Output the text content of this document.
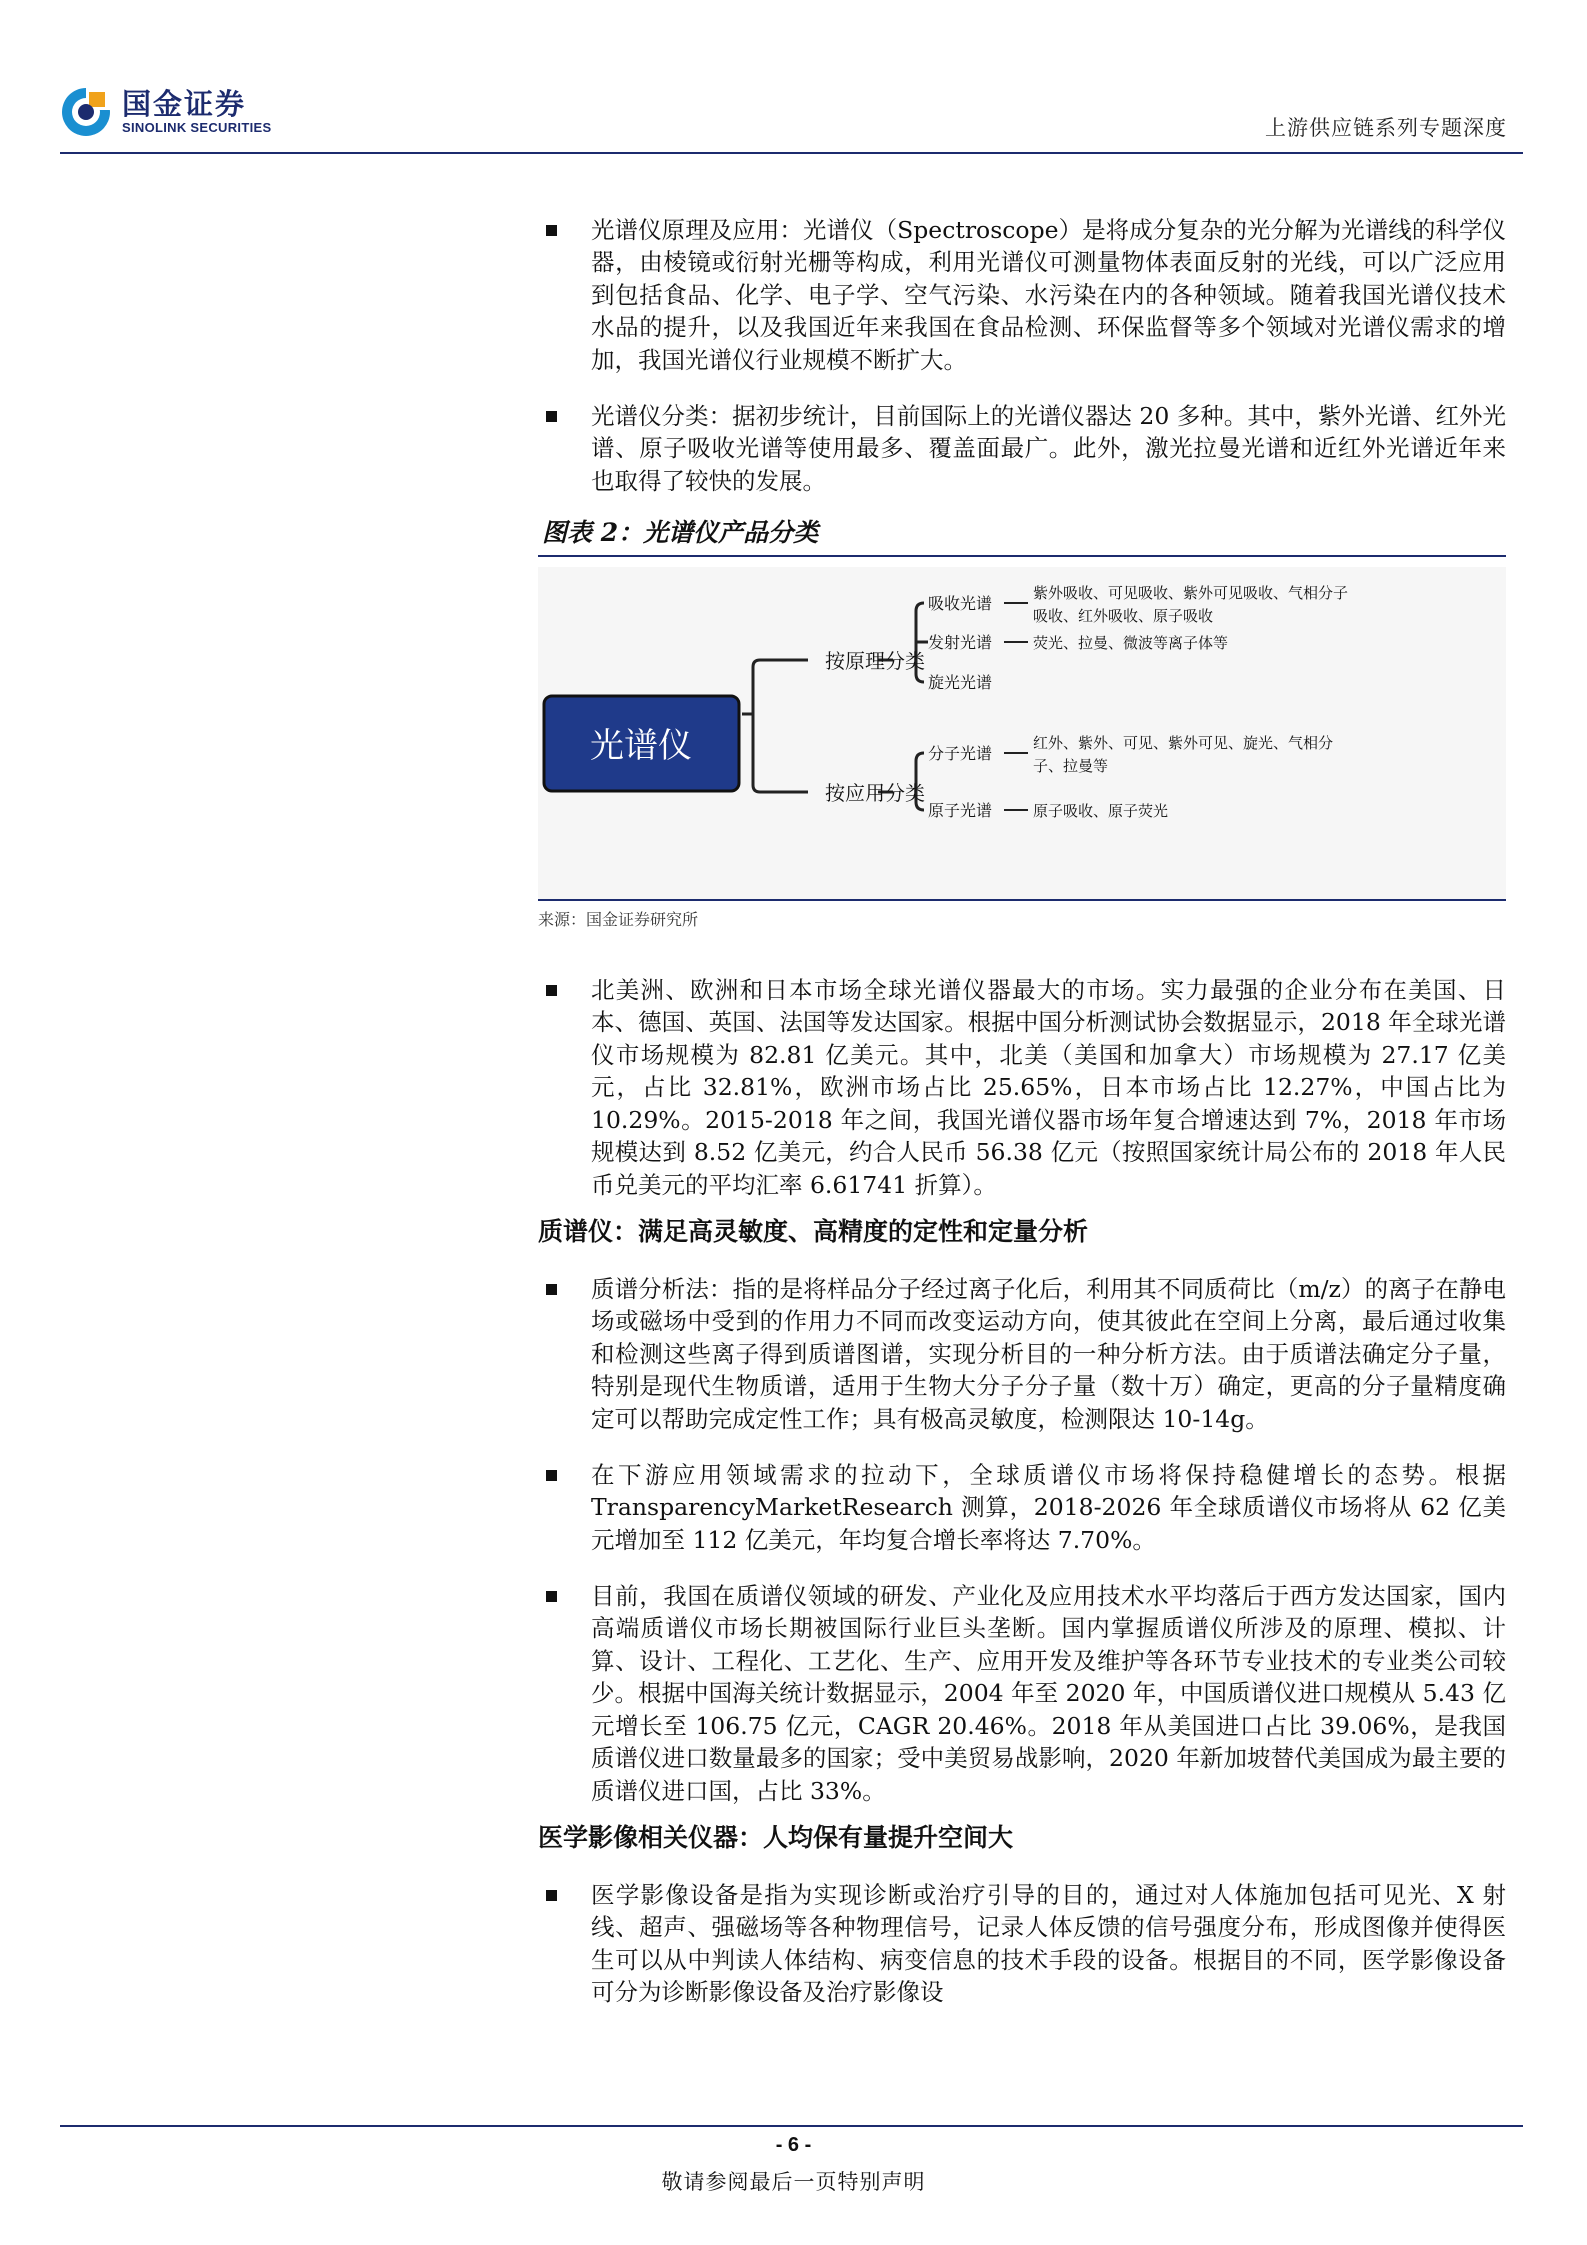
国金证券
SINOLINK SECURITIES	上游供应链系列专题深度

光谱仪原理及应用：光谱仪（Spectroscope）是将成分复杂的光分解为光谱线的科学仪器，由棱镜或衍射光栅等构成，利用光谱仪可测量物体表面反射的光线，可以广泛应用到包括食品、化学、电子学、空气污染、水污染在内的各种领域。随着我国光谱仪技术水品的提升，以及我国近年来我国在食品检测、环保监督等多个领域对光谱仪需求的增加，我国光谱仪行业规模不断扩大。

光谱仪分类：据初步统计，目前国际上的光谱仪器达 20 多种。其中，紫外光谱、红外光谱、原子吸收光谱等使用最多、覆盖面最广。此外，激光拉曼光谱和近红外光谱近年来也取得了较快的发展。

图表 2：光谱仪产品分类
光谱仪
按原理分类
按应用分类
吸收光谱
发射光谱
旋光光谱
分子光谱
原子光谱
紫外吸收、可见吸收、紫外可见吸收、气相分子
吸收、红外吸收、原子吸收
荧光、拉曼、微波等离子体等
红外、紫外、可见、紫外可见、旋光、气相分
子、拉曼等
原子吸收、原子荧光
来源：国金证券研究所

北美洲、欧洲和日本市场全球光谱仪器最大的市场。实力最强的企业分布在美国、日本、德国、英国、法国等发达国家。根据中国分析测试协会数据显示，2018 年全球光谱仪市场规模为 82.81 亿美元。其中，北美（美国和加拿大）市场规模为 27.17 亿美元，占比 32.81%，欧洲市场占比 25.65%，日本市场占比 12.27%，中国占比为 10.29%。2015-2018 年之间，我国光谱仪器市场年复合增速达到 7%，2018 年市场规模达到 8.52 亿美元，约合人民币 56.38 亿元（按照国家统计局公布的 2018 年人民币兑美元的平均汇率 6.61741 折算）。

质谱仪：满足高灵敏度、高精度的定性和定量分析

质谱分析法：指的是将样品分子经过离子化后，利用其不同质荷比（m/z）的离子在静电场或磁场中受到的作用力不同而改变运动方向，使其彼此在空间上分离，最后通过收集和检测这些离子得到质谱图谱，实现分析目的一种分析方法。由于质谱法确定分子量，特别是现代生物质谱，适用于生物大分子分子量（数十万）确定，更高的分子量精度确定可以帮助完成定性工作；具有极高灵敏度，检测限达 10-14g。

在下游应用领域需求的拉动下，全球质谱仪市场将保持稳健增长的态势。根据 TransparencyMarketResearch 测算，2018-2026 年全球质谱仪市场将从 62 亿美元增加至 112 亿美元，年均复合增长率将达 7.70%。

目前，我国在质谱仪领域的研发、产业化及应用技术水平均落后于西方发达国家，国内高端质谱仪市场长期被国际行业巨头垄断。国内掌握质谱仪所涉及的原理、模拟、计算、设计、工程化、工艺化、生产、应用开发及维护等各环节专业技术的专业类公司较少。根据中国海关统计数据显示，2004 年至 2020 年，中国质谱仪进口规模从 5.43 亿元增长至 106.75 亿元，CAGR 20.46%。2018 年从美国进口占比 39.06%，是我国质谱仪进口数量最多的国家；受中美贸易战影响，2020 年新加坡替代美国成为最主要的质谱仪进口国，占比 33%。

医学影像相关仪器：人均保有量提升空间大

医学影像设备是指为实现诊断或治疗引导的目的，通过对人体施加包括可见光、X 射线、超声、强磁场等各种物理信号，记录人体反馈的信号强度分布，形成图像并使得医生可以从中判读人体结构、病变信息的技术手段的设备。根据目的不同，医学影像设备可分为诊断影像设备及治疗影像设

- 6 -
敬请参阅最后一页特别声明
